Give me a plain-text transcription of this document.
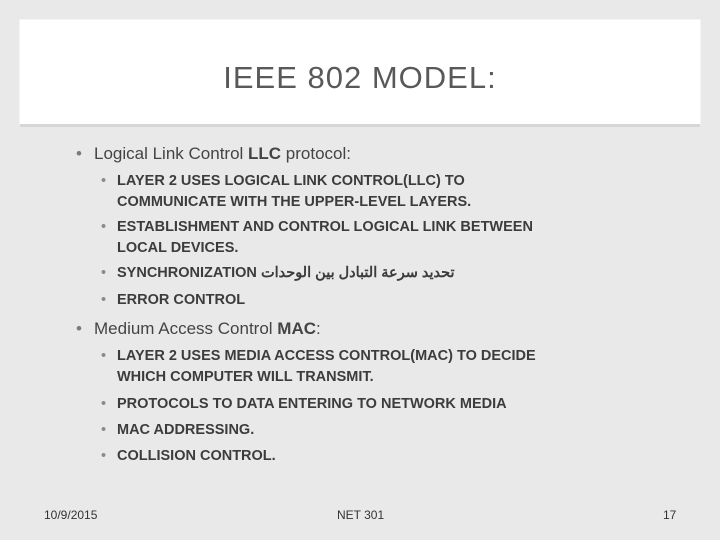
IEEE 802 MODEL:
• Logical Link Control LLC protocol:
• LAYER 2 USES LOGICAL LINK CONTROL(LLC) TO
COMMUNICATE WITH THE UPPER-LEVEL LAYERS.
• ESTABLISHMENT AND CONTROL LOGICAL LINK BETWEEN
LOCAL DEVICES.
• SYNCHRONIZATION تحديد سرعة التبادل بين الوحدات
• ERROR CONTROL
• Medium Access Control MAC:
• LAYER 2 USES MEDIA ACCESS CONTROL(MAC) TO DECIDE
WHICH COMPUTER WILL TRANSMIT.
• PROTOCOLS TO DATA ENTERING TO NETWORK MEDIA
• MAC ADDRESSING.
• COLLISION CONTROL.
10/9/2015	NET 301	17
